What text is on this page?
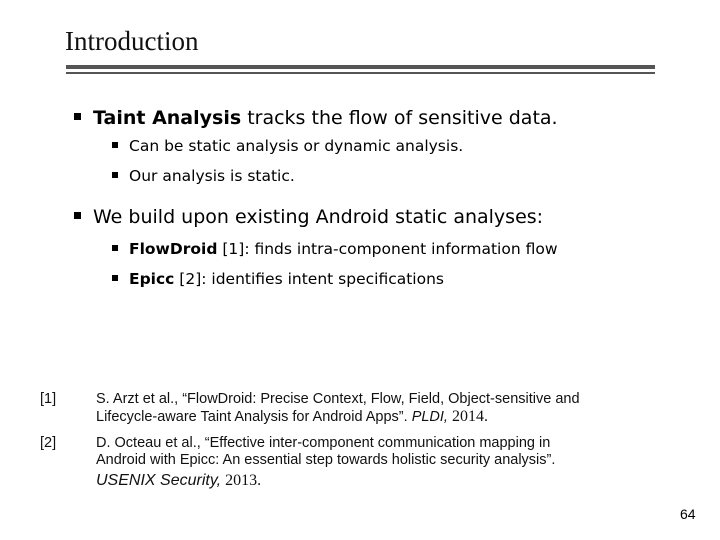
Introduction
Taint Analysis tracks the flow of sensitive data.
Can be static analysis or dynamic analysis.
Our analysis is static.
We build upon existing Android static analyses:
FlowDroid [1]: finds intra-component information flow
Epicc [2]: identifies intent specifications
[1]	S. Arzt et al., “FlowDroid: Precise Context, Flow, Field, Object-sensitive and
Lifecycle-aware Taint Analysis for Android Apps”. PLDI, 2014.
[2]	D. Octeau et al., “Effective inter-component communication mapping in
Android with Epicc: An essential step towards holistic security analysis”.
USENIX Security, 2013.
64
